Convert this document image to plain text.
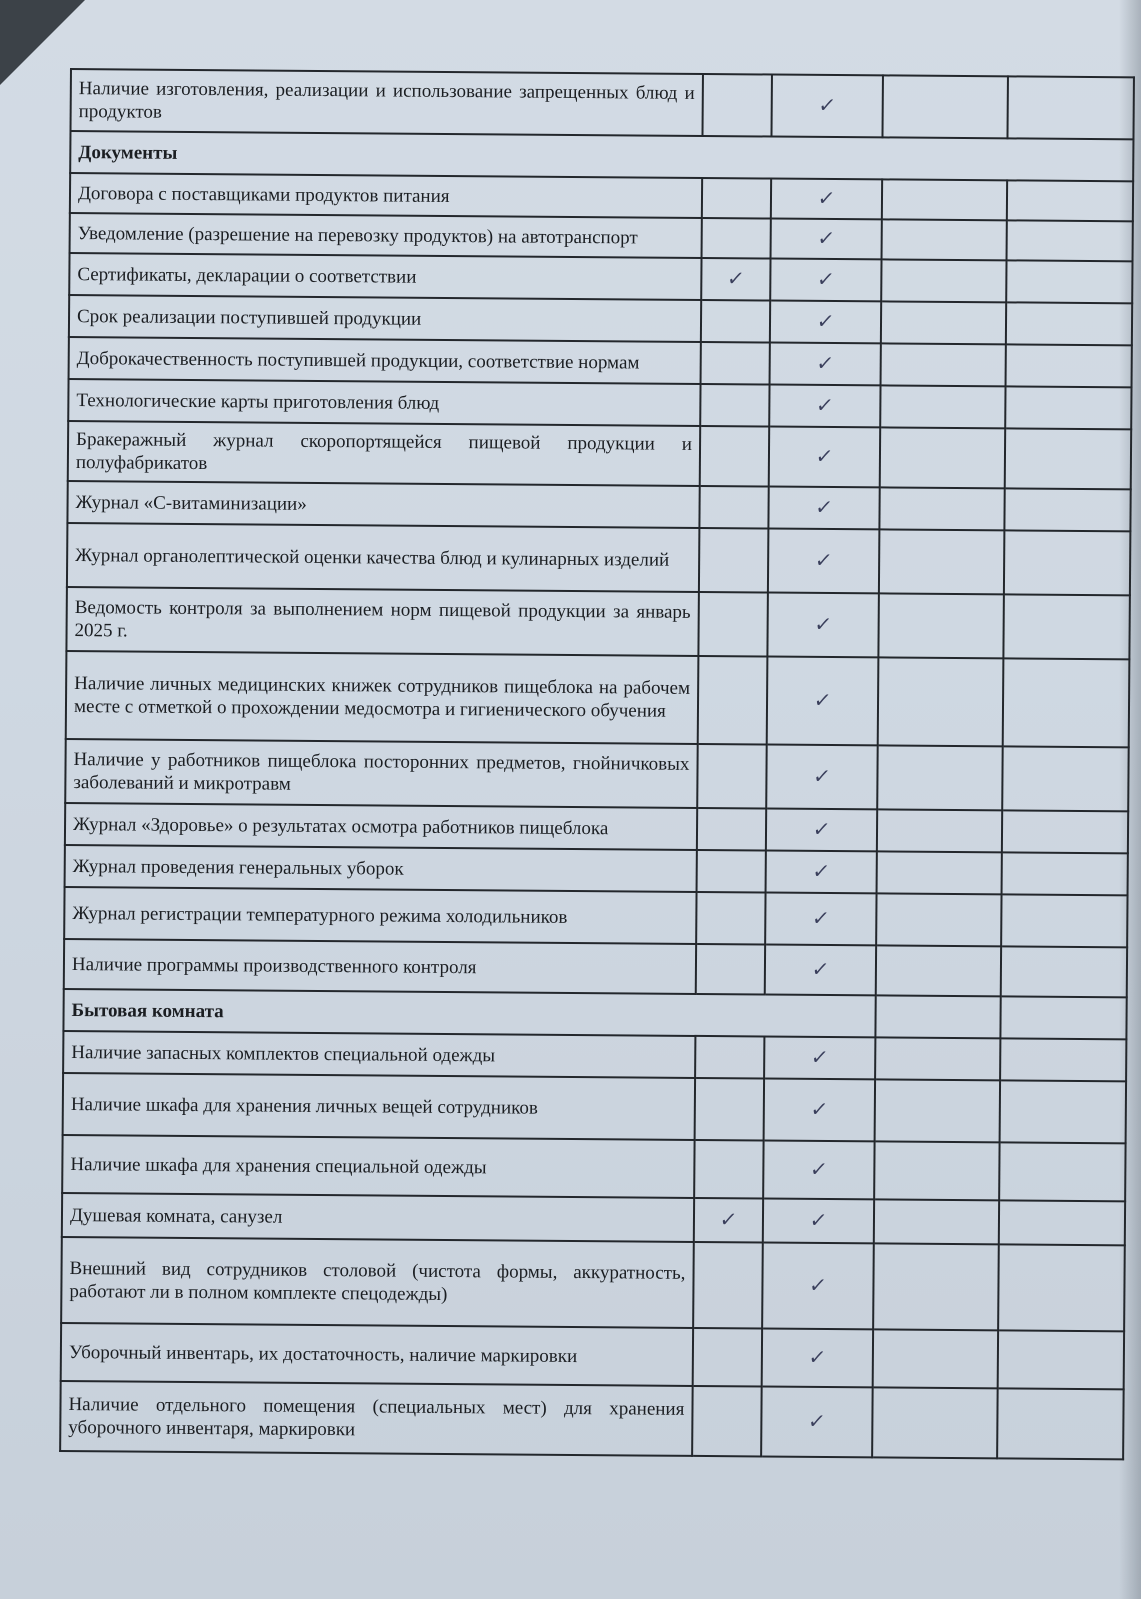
Наличие изготовления, реализации и использование запрещенных блюд и продуктов		✓		
Документы				
Договора с поставщиками продуктов питания		✓		
Уведомление (разрешение на перевозку продуктов) на автотранспорт		✓		
Сертификаты, декларации о соответствии	✓	✓		
Срок реализации поступившей продукции		✓		
Доброкачественность поступившей продукции, соответствие нормам		✓		
Технологические карты приготовления блюд		✓		
Бракеражный журнал скоропортящейся пищевой продукции и полуфабрикатов		✓		
Журнал «С-витаминизации»		✓		
Журнал органолептической оценки качества блюд и кулинарных изделий		✓		
Ведомость контроля за выполнением норм пищевой продукции за январь 2025 г.		✓		
Наличие личных медицинских книжек сотрудников пищеблока на рабочем месте с отметкой о прохождении медосмотра и гигиенического обучения		✓		
Наличие у работников пищеблока посторонних предметов, гнойничковых заболеваний и микротравм		✓		
Журнал «Здоровье» о результатах осмотра работников пищеблока		✓		
Журнал проведения генеральных уборок		✓		
Журнал регистрации температурного режима холодильников		✓		
Наличие программы производственного контроля		✓		
Бытовая комната				
Наличие запасных комплектов специальной одежды		✓		
Наличие шкафа для хранения личных вещей сотрудников		✓		
Наличие шкафа для хранения специальной одежды		✓		
Душевая комната, санузел	✓	✓		
Внешний вид сотрудников столовой (чистота формы, аккуратность, работают ли в полном комплекте спецодежды)		✓		
Уборочный инвентарь, их достаточность, наличие маркировки		✓		
Наличие отдельного помещения (специальных мест) для хранения уборочного инвентаря, маркировки		✓		
